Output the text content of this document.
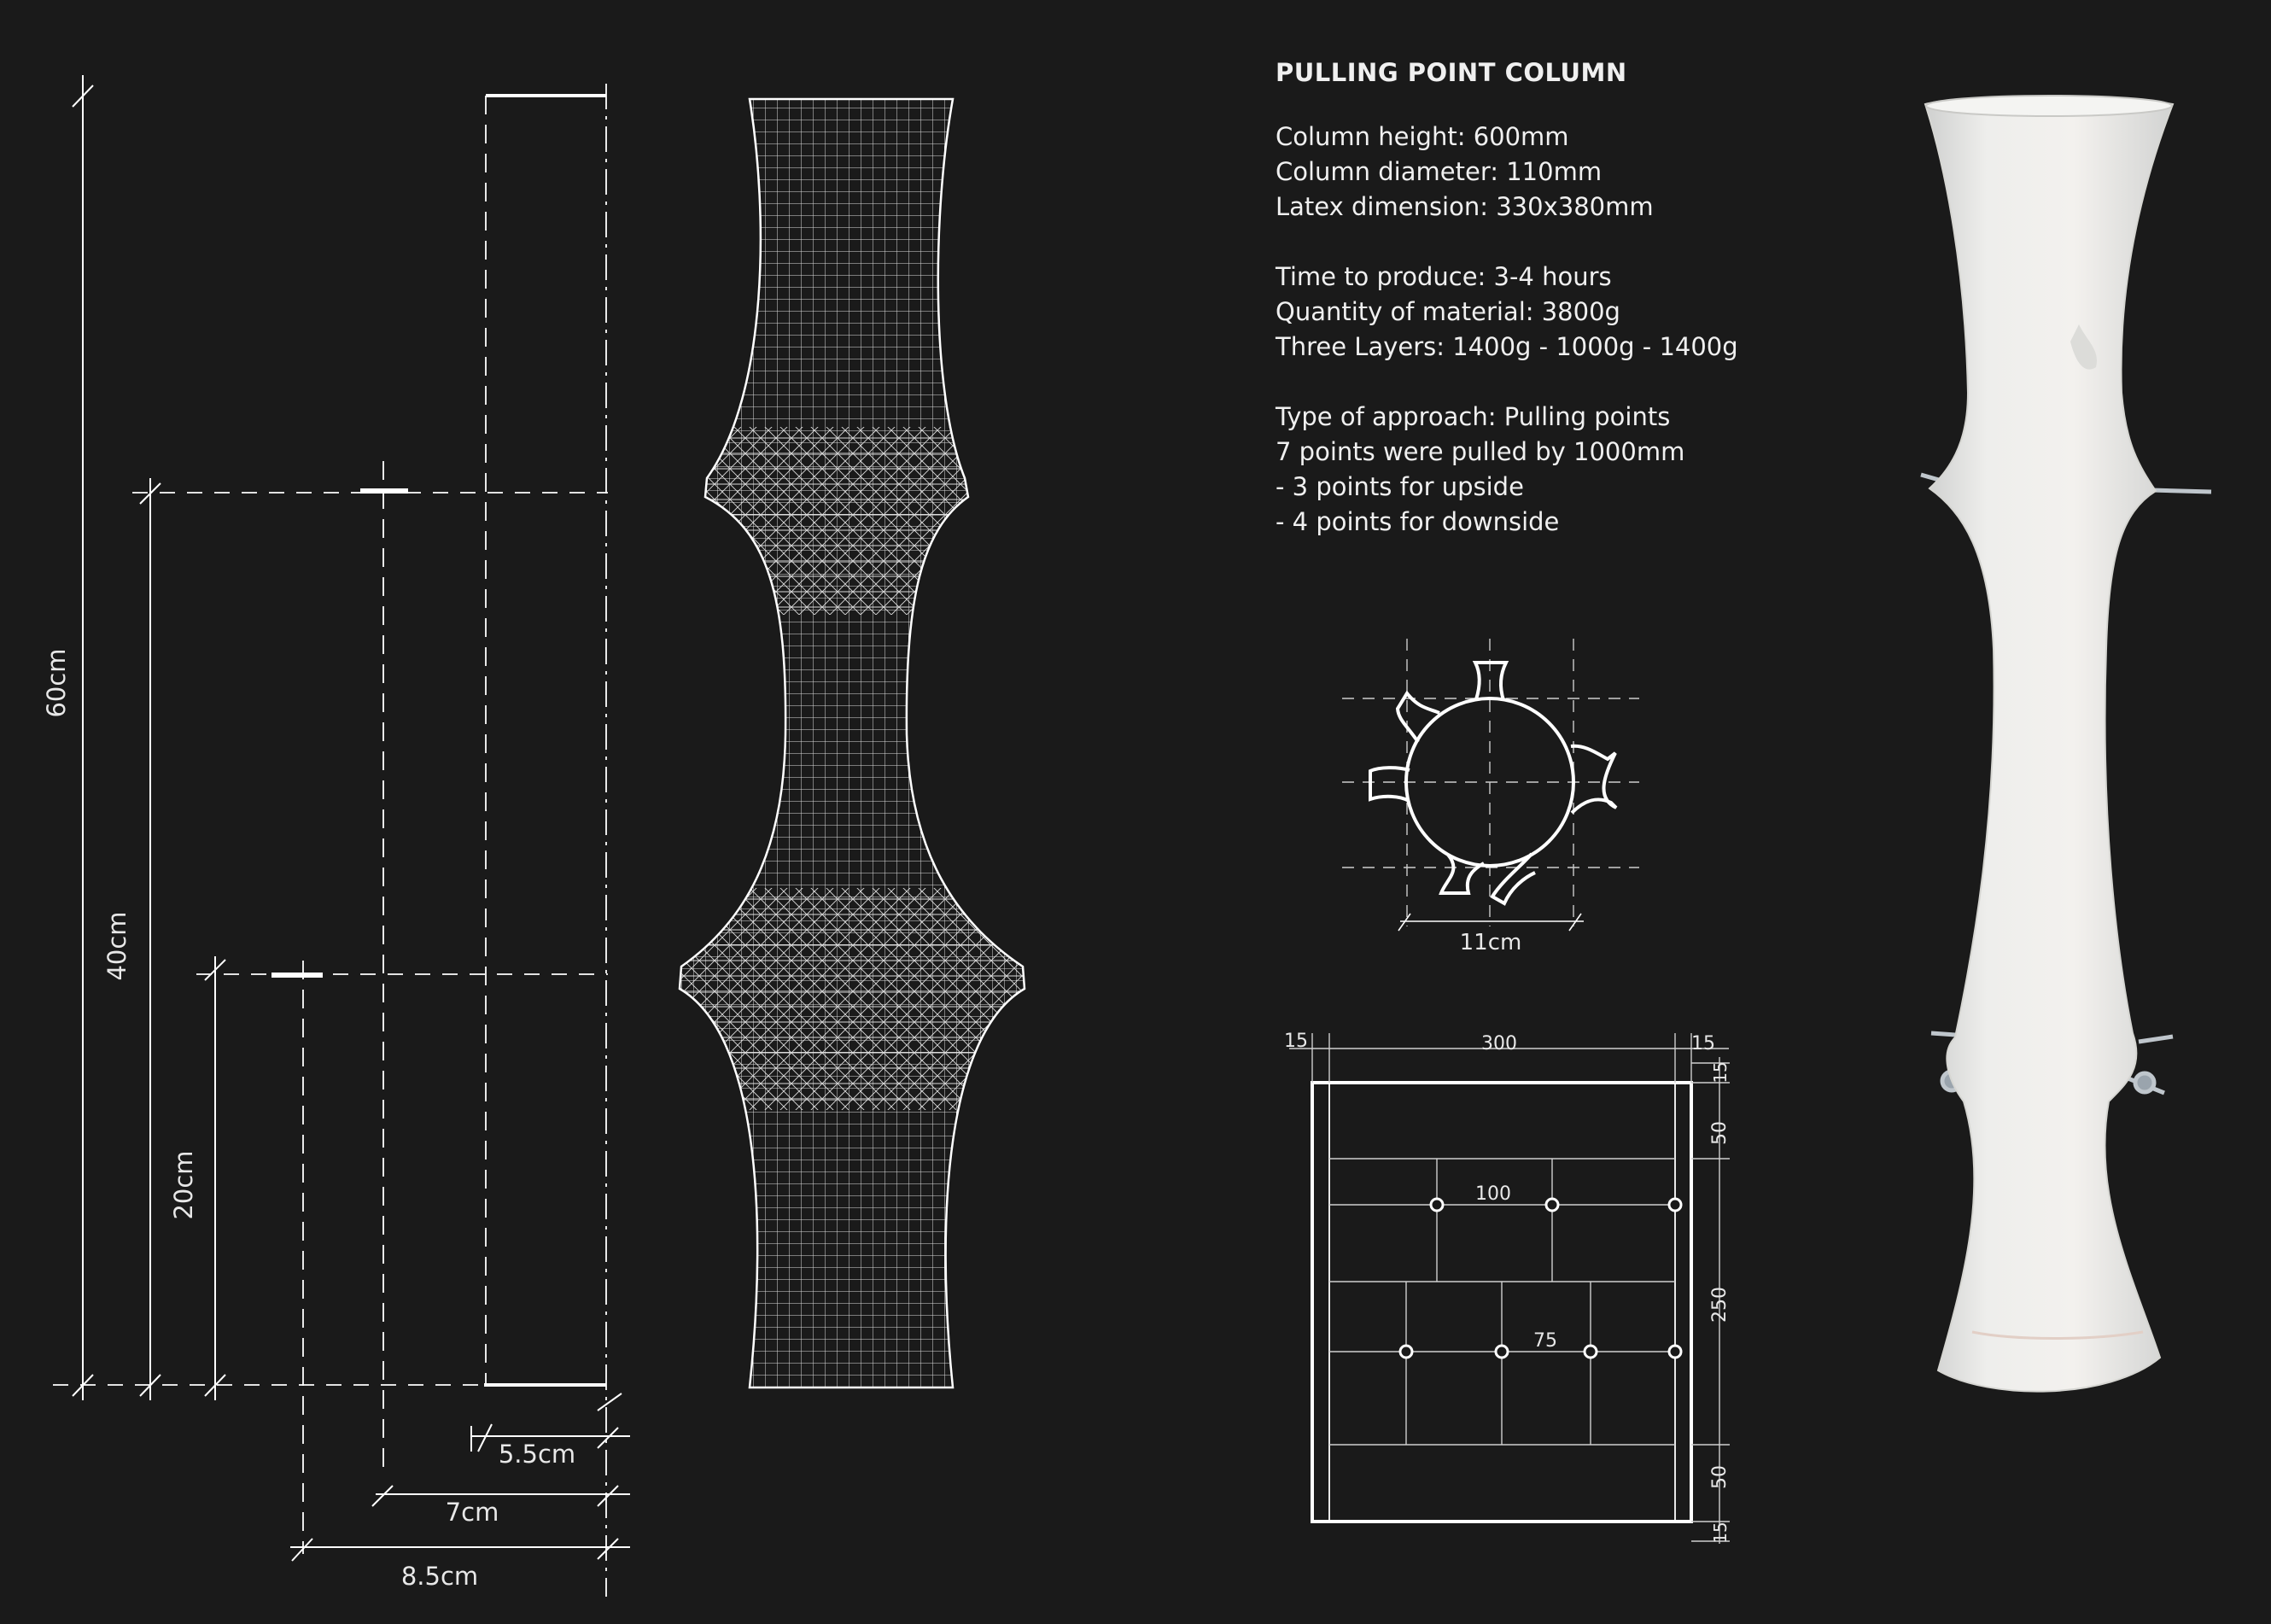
60cm
40cm
20cm
5.5cm
7cm
8.5cm
11cm
15	300	15
15
50
250
50
15
100
75
PULLING POINT COLUMN
Column height: 600mm
Column diameter: 110mm
Latex dimension: 330x380mm
Time to produce: 3-4 hours
Quantity of material: 3800g
Three Layers: 1400g - 1000g - 1400g
Type of approach: Pulling points
7 points were pulled by 1000mm
- 3 points for upside
- 4 points for downside
